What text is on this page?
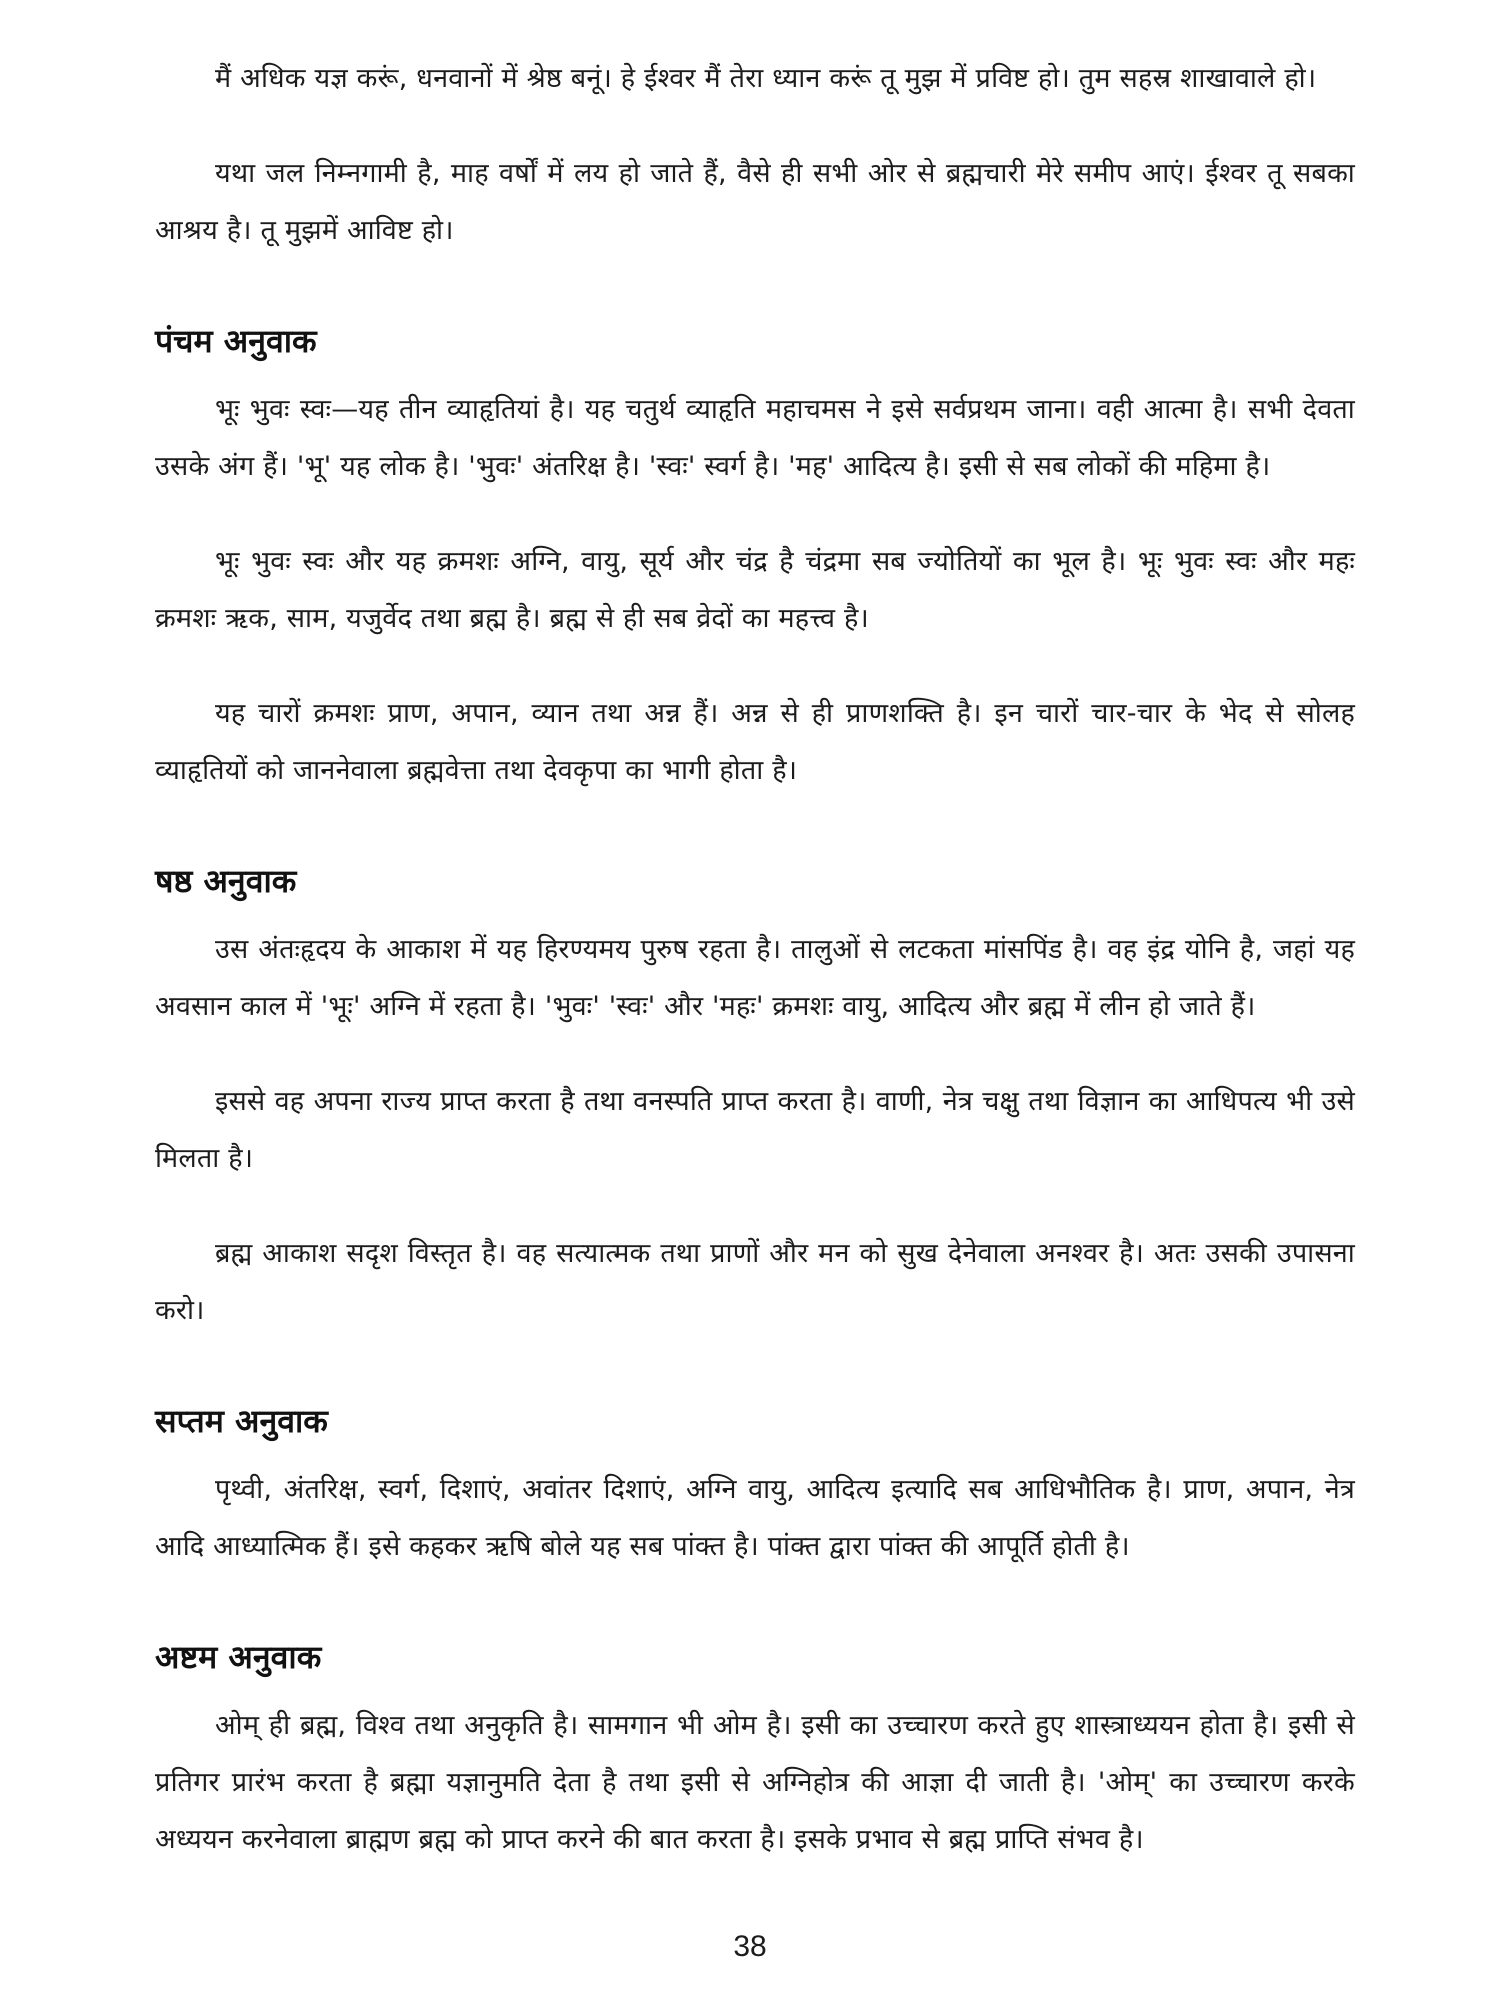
मैं अधिक यज्ञ करूं, धनवानों में श्रेष्ठ बनूं। हे ईश्वर मैं तेरा ध्यान करूं तू मुझ में प्रविष्ट हो। तुम सहस्र शाखावाले हो।

यथा जल निम्नगामी है, माह वर्षों में लय हो जाते हैं, वैसे ही सभी ओर से ब्रह्मचारी मेरे समीप आएं। ईश्वर तू सबका आश्रय है। तू मुझमें आविष्ट हो।

पंचम अनुवाक

भूः भुवः स्वः—यह तीन व्याहृतियां है। यह चतुर्थ व्याहृति महाचमस ने इसे सर्वप्रथम जाना। वही आत्मा है। सभी देवता उसके अंग हैं। 'भू' यह लोक है। 'भुवः' अंतरिक्ष है। 'स्वः' स्वर्ग है। 'मह' आदित्य है। इसी से सब लोकों की महिमा है।

भूः भुवः स्वः और यह क्रमशः अग्नि, वायु, सूर्य और चंद्र है चंद्रमा सब ज्योतियों का भूल है। भूः भुवः स्वः और महः क्रमशः ऋक, साम, यजुर्वेद तथा ब्रह्म है। ब्रह्म से ही सब व्रेदों का महत्त्व है।

यह चारों क्रमशः प्राण, अपान, व्यान तथा अन्न हैं। अन्न से ही प्राणशक्ति है। इन चारों चार-चार के भेद से सोलह व्याहृतियों को जाननेवाला ब्रह्मवेत्ता तथा देवकृपा का भागी होता है।

षष्ठ अनुवाक

उस अंतःहृदय के आकाश में यह हिरण्यमय पुरुष रहता है। तालुओं से लटकता मांसपिंड है। वह इंद्र योनि है, जहां यह अवसान काल में 'भूः' अग्नि में रहता है। 'भुवः' 'स्वः' और 'महः' क्रमशः वायु, आदित्य और ब्रह्म में लीन हो जाते हैं।

इससे वह अपना राज्य प्राप्त करता है तथा वनस्पति प्राप्त करता है। वाणी, नेत्र चक्षु तथा विज्ञान का आधिपत्य भी उसे मिलता है।

ब्रह्म आकाश सदृश विस्तृत है। वह सत्यात्मक तथा प्राणों और मन को सुख देनेवाला अनश्वर है। अतः उसकी उपासना करो।

सप्तम अनुवाक

पृथ्वी, अंतरिक्ष, स्वर्ग, दिशाएं, अवांतर दिशाएं, अग्नि वायु, आदित्य इत्यादि सब आधिभौतिक है। प्राण, अपान, नेत्र आदि आध्यात्मिक हैं। इसे कहकर ऋषि बोले यह सब पांक्त है। पांक्त द्वारा पांक्त की आपूर्ति होती है।

अष्टम अनुवाक

ओम् ही ब्रह्म, विश्व तथा अनुकृति है। सामगान भी ओम है। इसी का उच्चारण करते हुए शास्त्राध्ययन होता है। इसी से प्रतिगर प्रारंभ करता है ब्रह्मा यज्ञानुमति देता है तथा इसी से अग्निहोत्र की आज्ञा दी जाती है। 'ओम्' का उच्चारण करके अध्ययन करनेवाला ब्राह्मण ब्रह्म को प्राप्त करने की बात करता है। इसके प्रभाव से ब्रह्म प्राप्ति संभव है।

38
